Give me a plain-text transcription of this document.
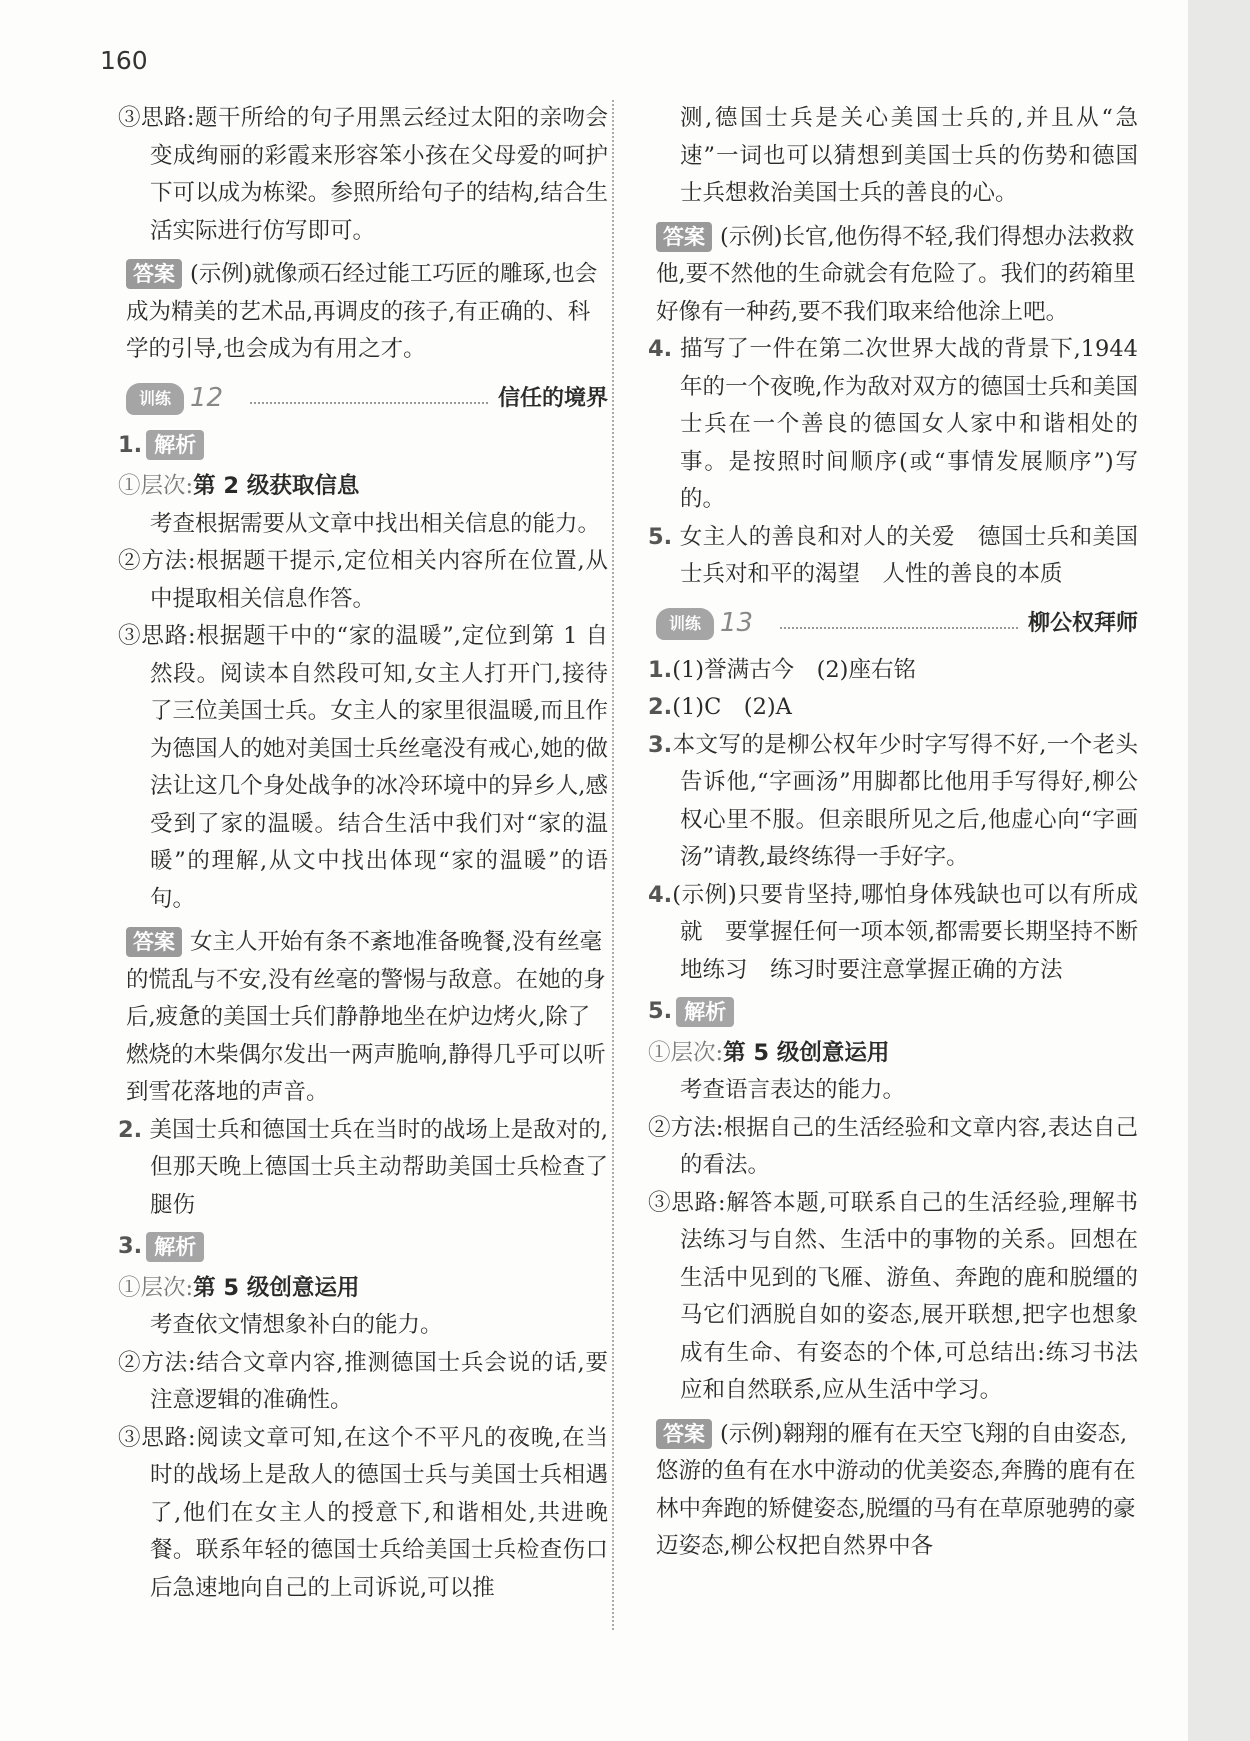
160

③思路:题干所给的句子用黑云经过太阳的亲吻会变成绚丽的彩霞来形容笨小孩在父母爱的呵护下可以成为栋梁。参照所给句子的结构,结合生活实际进行仿写即可。

答案 (示例)就像顽石经过能工巧匠的雕琢,也会成为精美的艺术品,再调皮的孩子,有正确的、科学的引导,也会成为有用之才。
训练 12	信任的境界
1. 解析

①层次:第 2 级获取信息

考查根据需要从文章中找出相关信息的能力。

②方法:根据题干提示,定位相关内容所在位置,从中提取相关信息作答。

③思路:根据题干中的“家的温暖”,定位到第 1 自然段。阅读本自然段可知,女主人打开门,接待了三位美国士兵。女主人的家里很温暖,而且作为德国人的她对美国士兵丝毫没有戒心,她的做法让这几个身处战争的冰冷环境中的异乡人,感受到了家的温暖。结合生活中我们对“家的温暖”的理解,从文中找出体现“家的温暖”的语句。

答案 女主人开始有条不紊地准备晚餐,没有丝毫的慌乱与不安,没有丝毫的警惕与敌意。在她的身后,疲惫的美国士兵们静静地坐在炉边烤火,除了燃烧的木柴偶尔发出一两声脆响,静得几乎可以听到雪花落地的声音。

2. 美国士兵和德国士兵在当时的战场上是敌对的,但那天晚上德国士兵主动帮助美国士兵检查了腿伤

3. 解析

①层次:第 5 级创意运用

考查依文情想象补白的能力。

②方法:结合文章内容,推测德国士兵会说的话,要注意逻辑的准确性。

③思路:阅读文章可知,在这个不平凡的夜晚,在当时的战场上是敌人的德国士兵与美国士兵相遇了,他们在女主人的授意下,和谐相处,共进晚餐。联系年轻的德国士兵给美国士兵检查伤口后急速地向自己的上司诉说,可以推

测,德国士兵是关心美国士兵的,并且从“急速”一词也可以猜想到美国士兵的伤势和德国士兵想救治美国士兵的善良的心。

答案 (示例)长官,他伤得不轻,我们得想办法救救他,要不然他的生命就会有危险了。我们的药箱里好像有一种药,要不我们取来给他涂上吧。

4. 描写了一件在第二次世界大战的背景下,1944 年的一个夜晚,作为敌对双方的德国士兵和美国士兵在一个善良的德国女人家中和谐相处的事。是按照时间顺序(或“事情发展顺序”)写的。

5. 女主人的善良和对人的关爱　德国士兵和美国士兵对和平的渴望　人性的善良的本质

训练 13	柳公权拜师

1.(1)誉满古今　(2)座右铭

2.(1)C　(2)A

3.本文写的是柳公权年少时字写得不好,一个老头告诉他,“字画汤”用脚都比他用手写得好,柳公权心里不服。但亲眼所见之后,他虚心向“字画汤”请教,最终练得一手好字。

4.(示例)只要肯坚持,哪怕身体残缺也可以有所成就　要掌握任何一项本领,都需要长期坚持不断地练习　练习时要注意掌握正确的方法

5. 解析

①层次:第 5 级创意运用

考查语言表达的能力。

②方法:根据自己的生活经验和文章内容,表达自己的看法。

③思路:解答本题,可联系自己的生活经验,理解书法练习与自然、生活中的事物的关系。回想在生活中见到的飞雁、游鱼、奔跑的鹿和脱缰的马它们洒脱自如的姿态,展开联想,把字也想象成有生命、有姿态的个体,可总结出:练习书法应和自然联系,应从生活中学习。

答案 (示例)翱翔的雁有在天空飞翔的自由姿态,悠游的鱼有在水中游动的优美姿态,奔腾的鹿有在林中奔跑的矫健姿态,脱缰的马有在草原驰骋的豪迈姿态,柳公权把自然界中各
